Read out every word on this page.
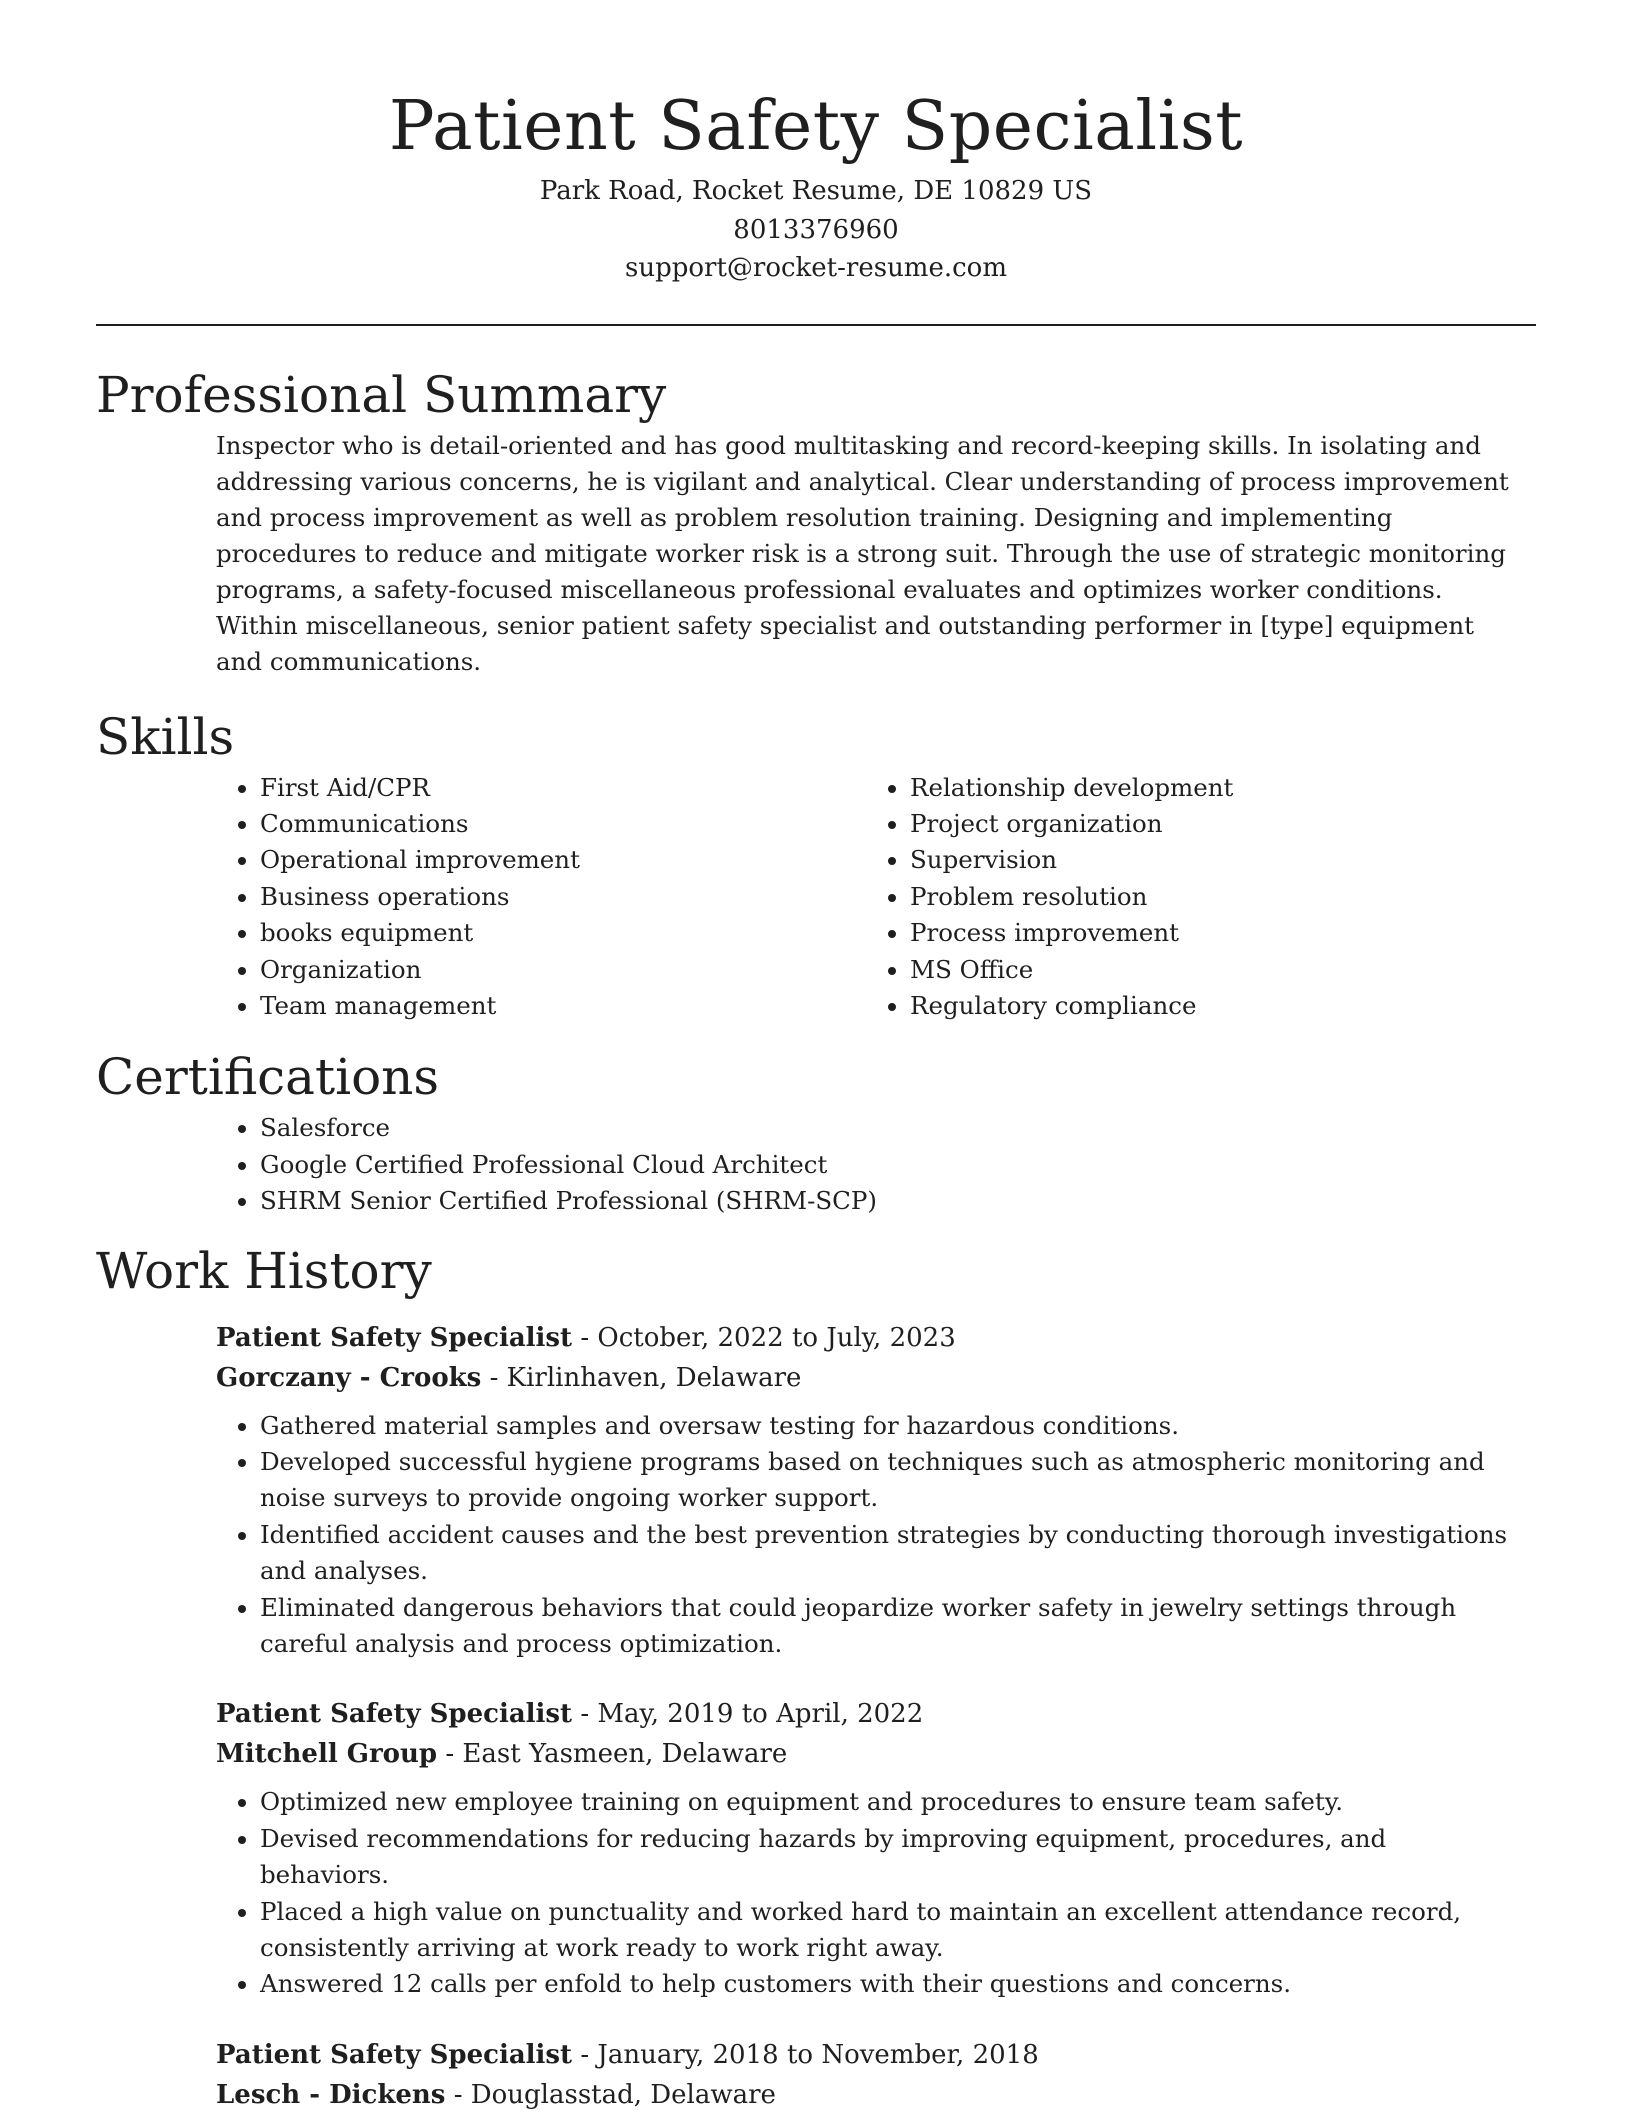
Patient Safety Specialist
Park Road, Rocket Resume, DE 10829 US
8013376960
support@rocket-resume.com
Professional Summary

Inspector who is detail-oriented and has good multitasking and record-keeping skills. In isolating and addressing various concerns, he is vigilant and analytical. Clear understanding of process improvement and process improvement as well as problem resolution training. Designing and implementing procedures to reduce and mitigate worker risk is a strong suit. Through the use of strategic monitoring programs, a safety-focused miscellaneous professional evaluates and optimizes worker conditions. Within miscellaneous, senior patient safety specialist and outstanding performer in [type] equipment and communications.

Skills
• First Aid/CPR
• Communications
• Operational improvement
• Business operations
• books equipment
• Organization
• Team management
• Relationship development
• Project organization
• Supervision
• Problem resolution
• Process improvement
• MS Office
• Regulatory compliance
Certifications
• Salesforce
• Google Certified Professional Cloud Architect
• SHRM Senior Certified Professional (SHRM-SCP)
Work History
Patient Safety Specialist - October, 2022 to July, 2023
Gorczany - Crooks - Kirlinhaven, Delaware
• Gathered material samples and oversaw testing for hazardous conditions.
• Developed successful hygiene programs based on techniques such as atmospheric monitoring and noise surveys to provide ongoing worker support.
• Identified accident causes and the best prevention strategies by conducting thorough investigations and analyses.
• Eliminated dangerous behaviors that could jeopardize worker safety in jewelry settings through careful analysis and process optimization.
Patient Safety Specialist - May, 2019 to April, 2022
Mitchell Group - East Yasmeen, Delaware
• Optimized new employee training on equipment and procedures to ensure team safety.
• Devised recommendations for reducing hazards by improving equipment, procedures, and behaviors.
• Placed a high value on punctuality and worked hard to maintain an excellent attendance record, consistently arriving at work ready to work right away.
• Answered 12 calls per enfold to help customers with their questions and concerns.
Patient Safety Specialist - January, 2018 to November, 2018
Lesch - Dickens - Douglasstad, Delaware
